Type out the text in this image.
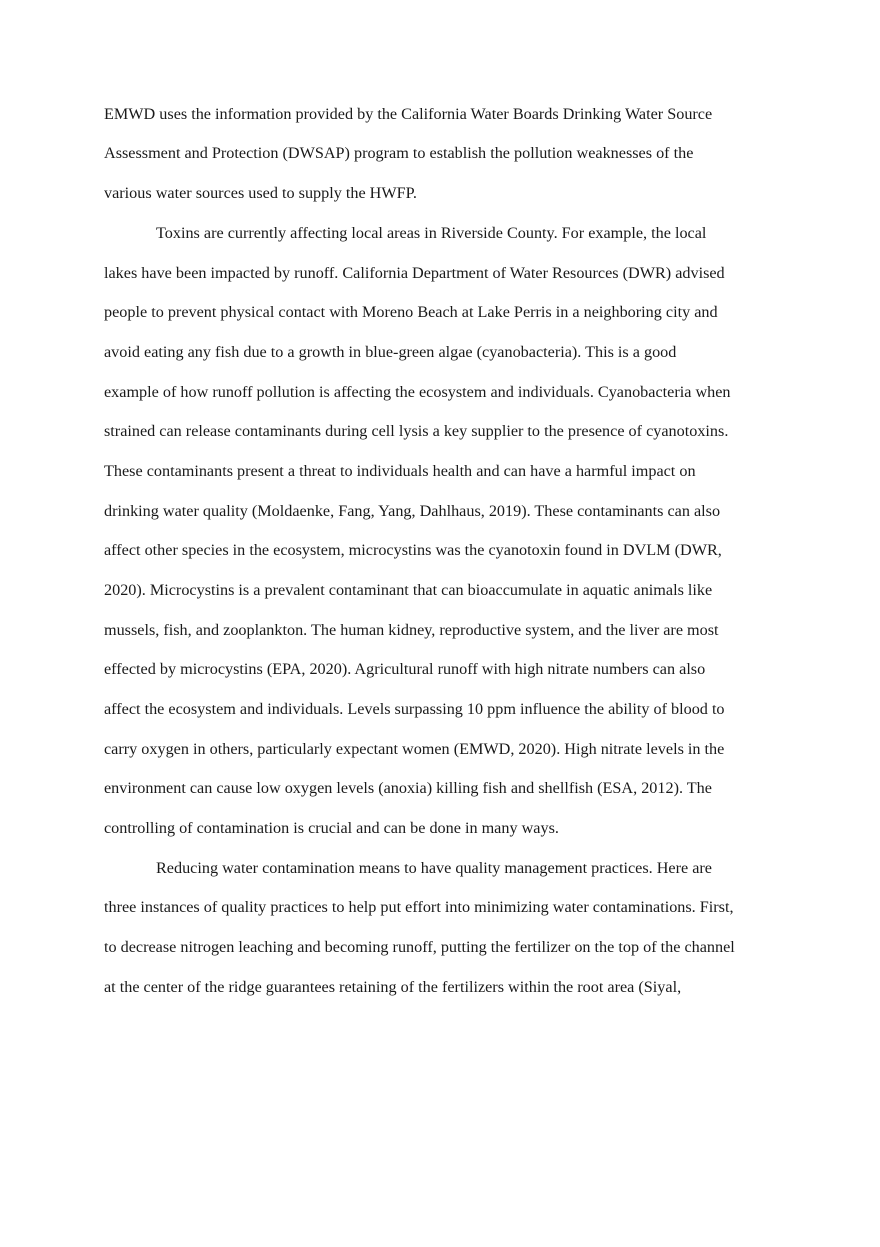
EMWD uses the information provided by the California Water Boards Drinking Water Source
Assessment and Protection (DWSAP) program to establish the pollution weaknesses of the
various water sources used to supply the HWFP.
Toxins are currently affecting local areas in Riverside County. For example, the local
lakes have been impacted by runoff. California Department of Water Resources (DWR) advised
people to prevent physical contact with Moreno Beach at Lake Perris in a neighboring city and
avoid eating any fish due to a growth in blue-green algae (cyanobacteria). This is a good
example of how runoff pollution is affecting the ecosystem and individuals. Cyanobacteria when
strained can release contaminants during cell lysis a key supplier to the presence of cyanotoxins.
These contaminants present a threat to individuals health and can have a harmful impact on
drinking water quality (Moldaenke, Fang, Yang, Dahlhaus, 2019). These contaminants can also
affect other species in the ecosystem, microcystins was the cyanotoxin found in DVLM (DWR,
2020). Microcystins is a prevalent contaminant that can bioaccumulate in aquatic animals like
mussels, fish, and zooplankton. The human kidney, reproductive system, and the liver are most
effected by microcystins (EPA, 2020). Agricultural runoff with high nitrate numbers can also
affect the ecosystem and individuals. Levels surpassing 10 ppm influence the ability of blood to
carry oxygen in others, particularly expectant women (EMWD, 2020). High nitrate levels in the
environment can cause low oxygen levels (anoxia) killing fish and shellfish (ESA, 2012). The
controlling of contamination is crucial and can be done in many ways.
Reducing water contamination means to have quality management practices. Here are
three instances of quality practices to help put effort into minimizing water contaminations. First,
to decrease nitrogen leaching and becoming runoff, putting the fertilizer on the top of the channel
at the center of the ridge guarantees retaining of the fertilizers within the root area (Siyal,
